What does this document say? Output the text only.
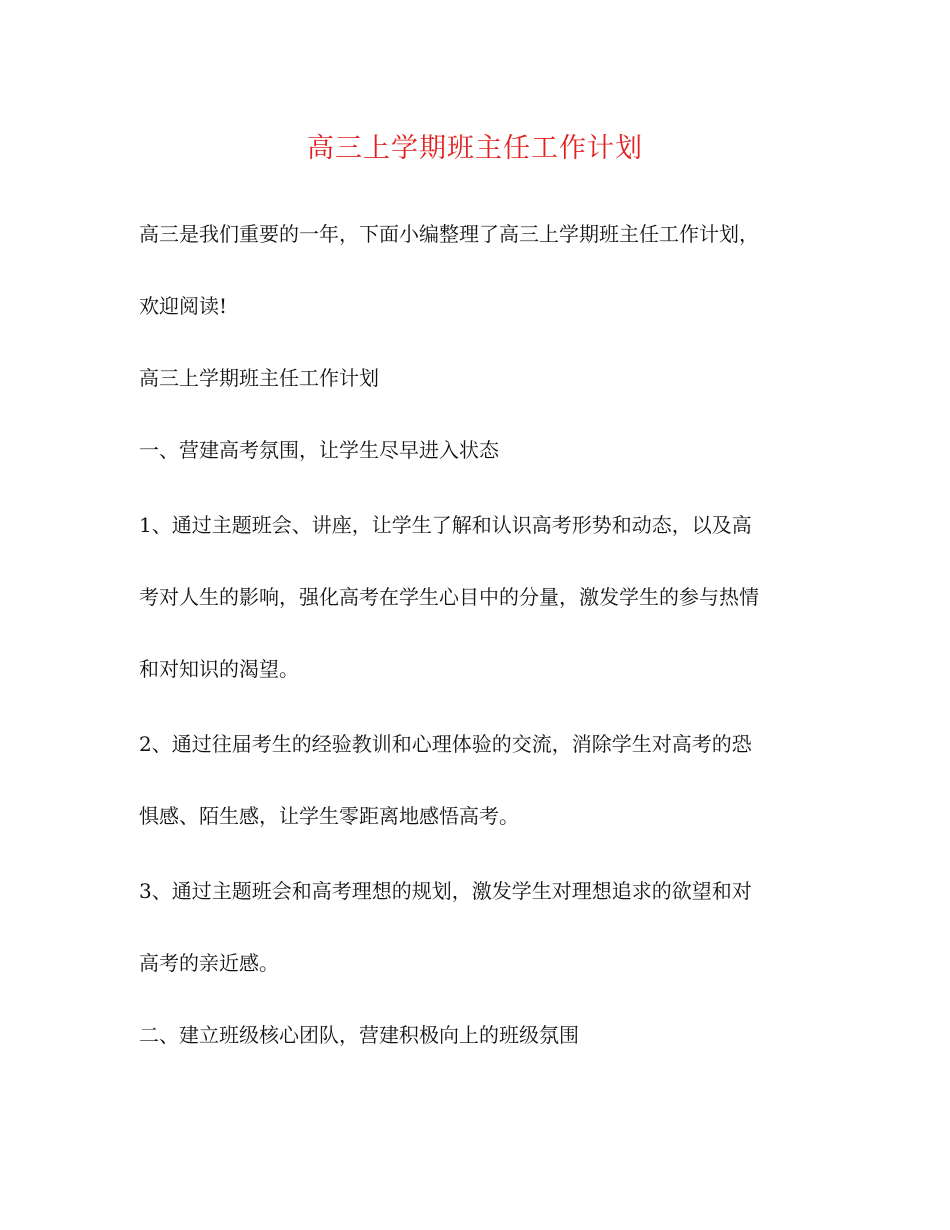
高三上学期班主任工作计划
高三是我们重要的一年，下面小编整理了高三上学期班主任工作计划，
欢迎阅读!
高三上学期班主任工作计划
一、营建高考氛围，让学生尽早进入状态
1、通过主题班会、讲座，让学生了解和认识高考形势和动态，以及高
考对人生的影响，强化高考在学生心目中的分量，激发学生的参与热情
和对知识的渴望。
2、通过往届考生的经验教训和心理体验的交流，消除学生对高考的恐
惧感、陌生感，让学生零距离地感悟高考。
3、通过主题班会和高考理想的规划，激发学生对理想追求的欲望和对
高考的亲近感。
二、建立班级核心团队，营建积极向上的班级氛围
